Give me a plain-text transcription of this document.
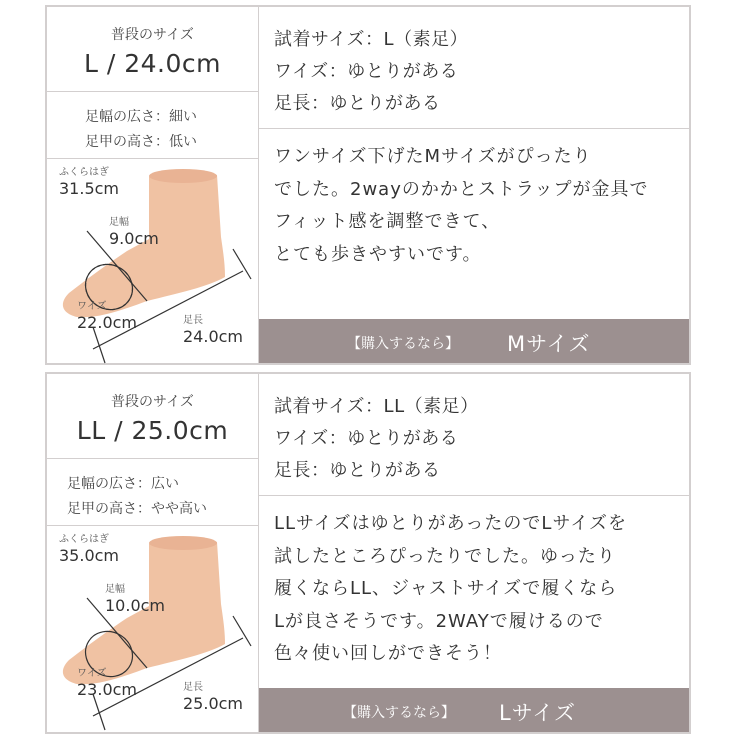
普段のサイズ
L / 24.0cm
足幅の広さ：細い
足甲の高さ：低い
ふくらはぎ
31.5cm
足幅
9.0cm
ワイズ
22.0cm	足長
24.0cm
試着サイズ：L（素足）
ワイズ：ゆとりがある
足長：ゆとりがある
ワンサイズ下げたMサイズがぴったり
でした。2wayのかかとストラップが金具で
フィット感を調整できて、
とても歩きやすいです。
【購入するなら】 Mサイズ
普段のサイズ
LL / 25.0cm
足幅の広さ：広い
足甲の高さ：やや高い
ふくらはぎ
35.0cm
足幅
10.0cm
ワイズ
23.0cm	足長
25.0cm
試着サイズ：LL（素足）
ワイズ：ゆとりがある
足長：ゆとりがある
LLサイズはゆとりがあったのでLサイズを
試したところぴったりでした。ゆったり
履くならLL、ジャストサイズで履くなら
Lが良さそうです。2WAYで履けるので
色々使い回しができそう！
【購入するなら】 Lサイズ
